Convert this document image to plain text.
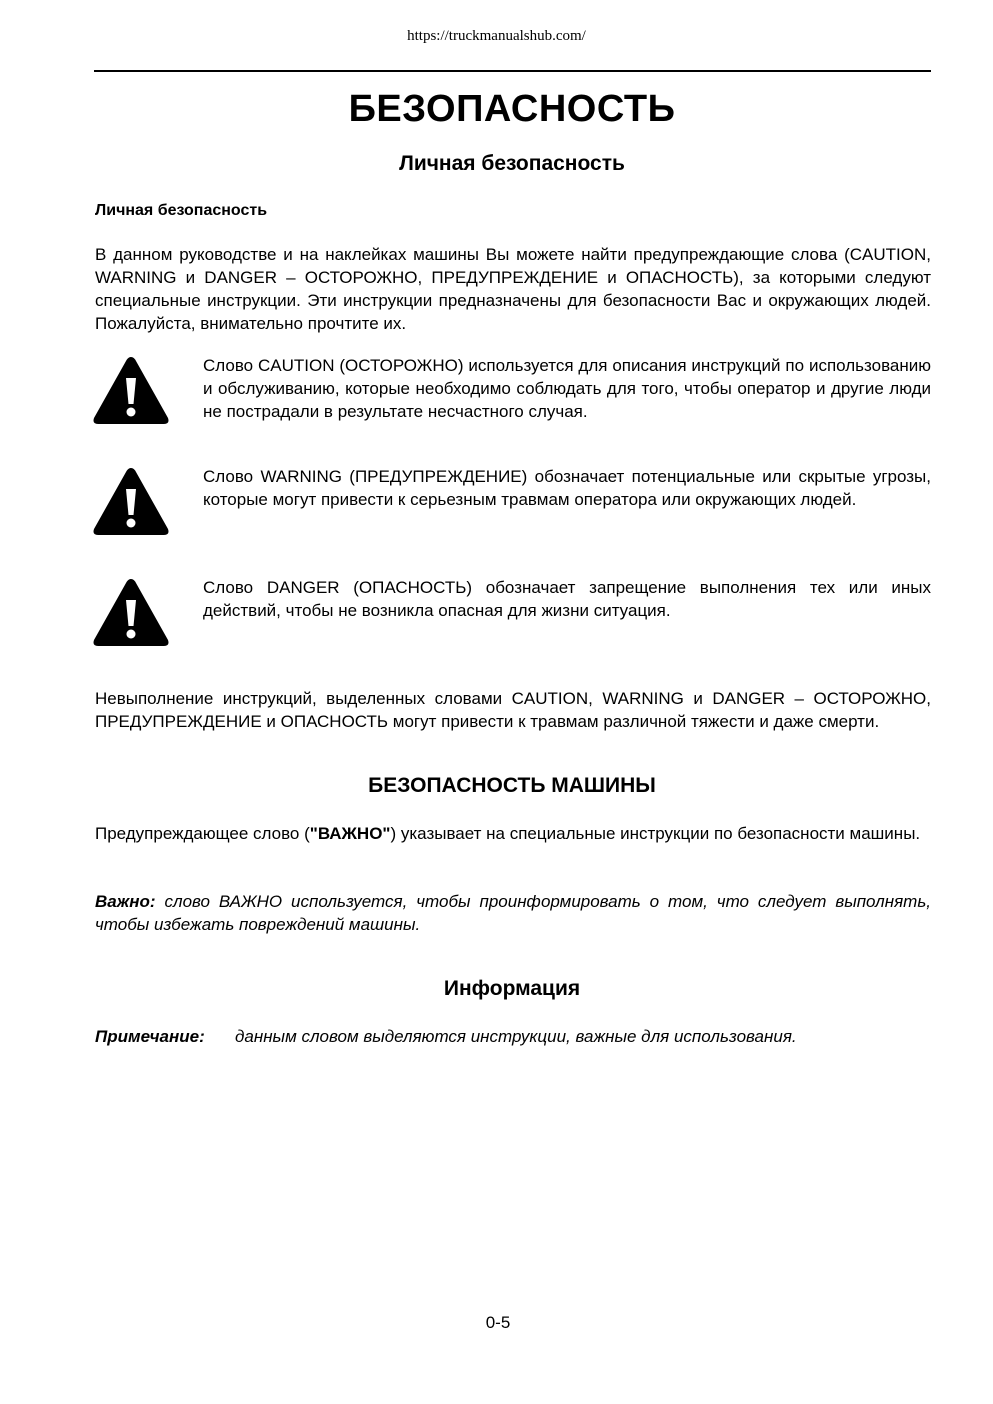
https://truckmanualshub.com/
БЕЗОПАСНОСТЬ
Личная безопасность
Личная безопасность
В данном руководстве и на наклейках машины Вы можете найти предупреждающие слова (CAUTION, WARNING и DANGER – ОСТОРОЖНО, ПРЕДУПРЕЖДЕНИЕ и ОПАСНОСТЬ), за которыми следуют специальные инструкции. Эти инструкции предназначены для безопасности Вас и окружающих людей. Пожалуйста, внимательно прочтите их.
Слово CAUTION (ОСТОРОЖНО) используется для описания инструкций по использованию и обслуживанию, которые необходимо соблюдать для того, чтобы оператор и другие люди не пострадали в результате несчастного случая.
Слово WARNING (ПРЕДУПРЕЖДЕНИЕ) обозначает потенциальные или скрытые угрозы, которые могут привести к серьезным травмам оператора или окружающих людей.
Слово DANGER (ОПАСНОСТЬ) обозначает запрещение выполнения тех или иных действий, чтобы не возникла опасная для жизни ситуация.
Невыполнение инструкций, выделенных словами CAUTION, WARNING и DANGER – ОСТОРОЖНО, ПРЕДУПРЕЖДЕНИЕ и ОПАСНОСТЬ могут привести к травмам различной тяжести и даже смерти.
БЕЗОПАСНОСТЬ МАШИНЫ
Предупреждающее слово ("ВАЖНО") указывает на специальные инструкции по безопасности машины.
Важно: слово ВАЖНО используется, чтобы проинформировать о том, что следует выполнять, чтобы избежать повреждений машины.
Информация
Примечание: данным словом выделяются инструкции, важные для использования.
0-5
